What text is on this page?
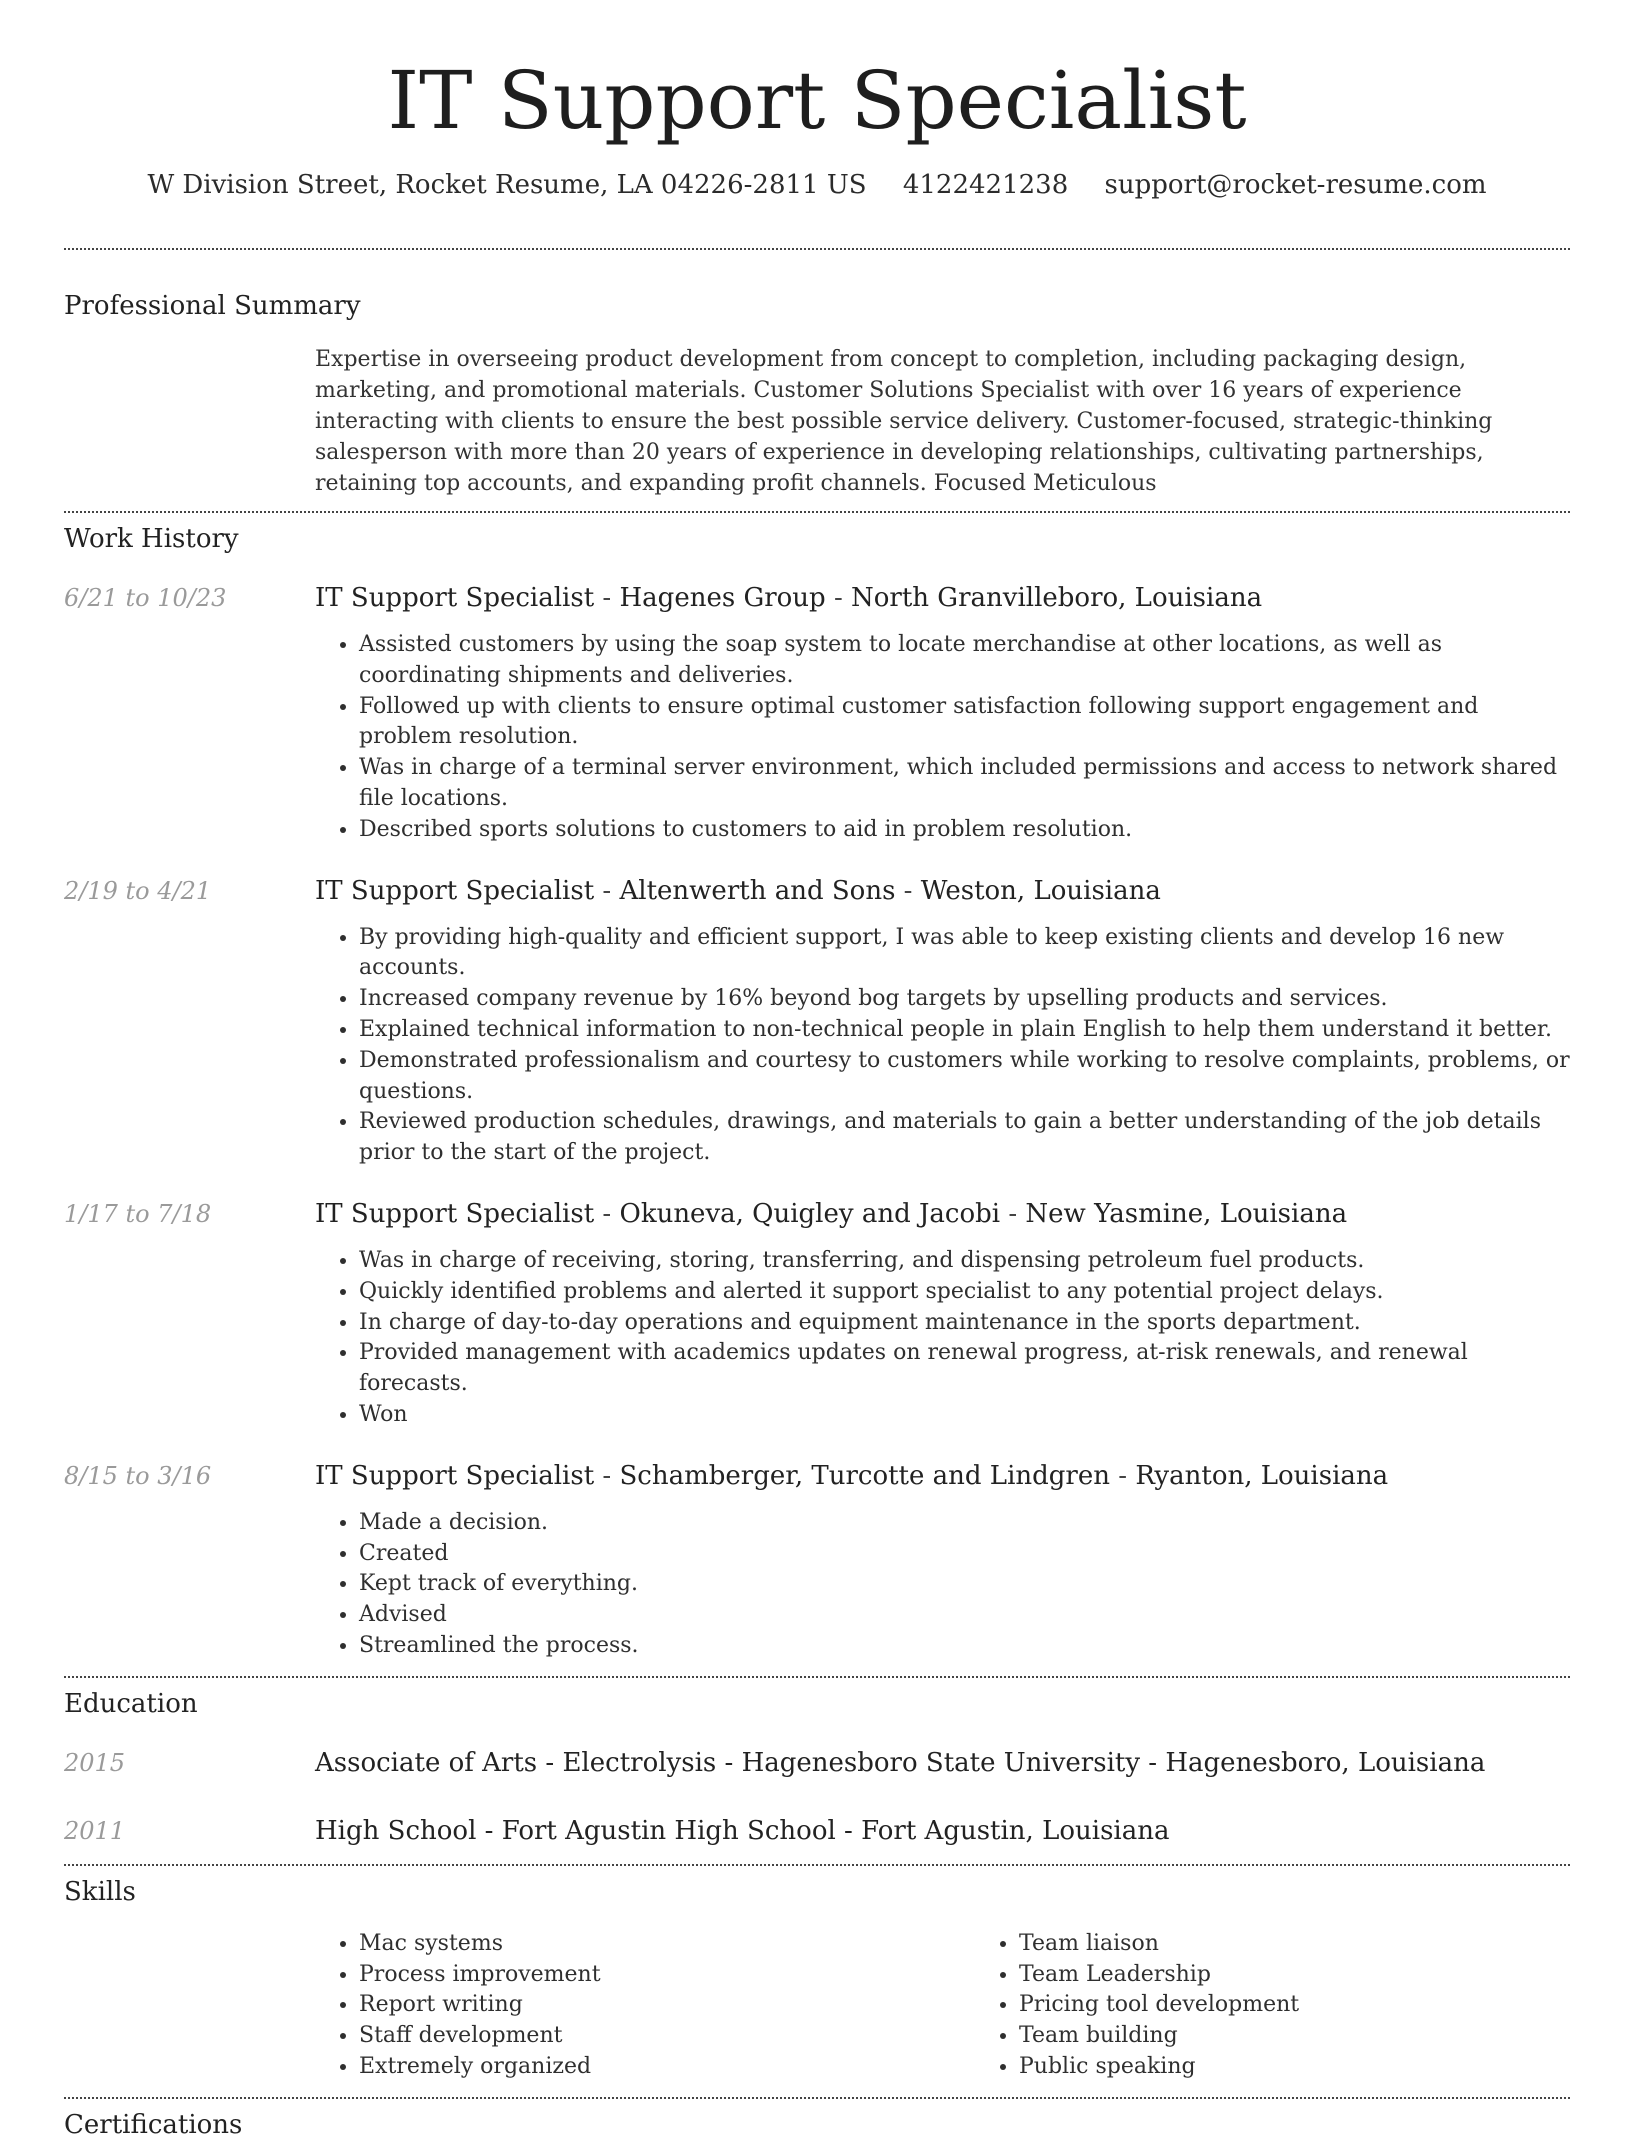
IT Support Specialist
W Division Street, Rocket Resume, LA 04226-2811 US 4122421238 support@rocket-resume.com
Professional Summary
Expertise in overseeing product development from concept to completion, including packaging design, marketing, and promotional materials. Customer Solutions Specialist with over 16 years of experience interacting with clients to ensure the best possible service delivery. Customer-focused, strategic-thinking salesperson with more than 20 years of experience in developing relationships, cultivating partnerships, retaining top accounts, and expanding profit channels. Focused Meticulous
Work History
6/21 to 10/23	IT Support Specialist - Hagenes Group - North Granvilleboro, Louisiana
• Assisted customers by using the soap system to locate merchandise at other locations, as well as coordinating shipments and deliveries.
• Followed up with clients to ensure optimal customer satisfaction following support engagement and problem resolution.
• Was in charge of a terminal server environment, which included permissions and access to network shared file locations.
• Described sports solutions to customers to aid in problem resolution.
2/19 to 4/21	IT Support Specialist - Altenwerth and Sons - Weston, Louisiana
• By providing high-quality and efficient support, I was able to keep existing clients and develop 16 new accounts.
• Increased company revenue by 16% beyond bog targets by upselling products and services.
• Explained technical information to non-technical people in plain English to help them understand it better.
• Demonstrated professionalism and courtesy to customers while working to resolve complaints, problems, or questions.
• Reviewed production schedules, drawings, and materials to gain a better understanding of the job details prior to the start of the project.
1/17 to 7/18	IT Support Specialist - Okuneva, Quigley and Jacobi - New Yasmine, Louisiana
• Was in charge of receiving, storing, transferring, and dispensing petroleum fuel products.
• Quickly identified problems and alerted it support specialist to any potential project delays.
• In charge of day-to-day operations and equipment maintenance in the sports department.
• Provided management with academics updates on renewal progress, at-risk renewals, and renewal forecasts.
• Won
8/15 to 3/16	IT Support Specialist - Schamberger, Turcotte and Lindgren - Ryanton, Louisiana
• Made a decision.
• Created
• Kept track of everything.
• Advised
• Streamlined the process.
Education
2015	Associate of Arts - Electrolysis - Hagenesboro State University - Hagenesboro, Louisiana
2011	High School - Fort Agustin High School - Fort Agustin, Louisiana
Skills
• Mac systems
• Process improvement
• Report writing
• Staff development
• Extremely organized
• Team liaison
• Team Leadership
• Pricing tool development
• Team building
• Public speaking
Certifications
